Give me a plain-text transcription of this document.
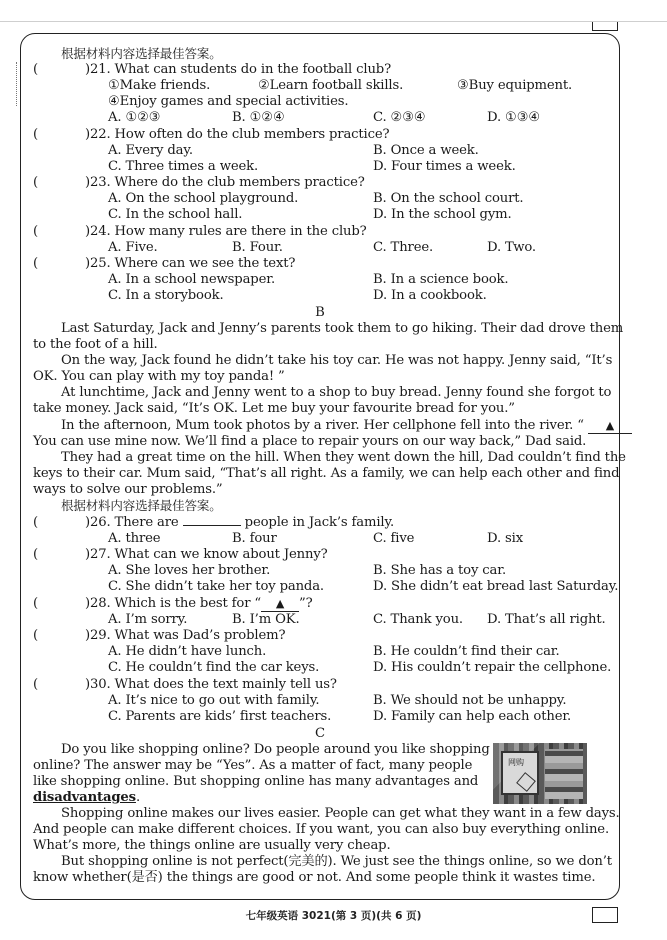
根据材料内容选择最佳答案。
(	)21. What can students do in the football club?
①Make friends.	②Learn football skills.	③Buy equipment.
④Enjoy games and special activities.
A. ①②③	B. ①②④	C. ②③④	D. ①③④
(	)22. How often do the club members practice?
A. Every day.	B. Once a week.
C. Three times a week.	D. Four times a week.
(	)23. Where do the club members practice?
A. On the school playground.	B. On the school court.
C. In the school hall.	D. In the school gym.
(	)24. How many rules are there in the club?
A. Five.	B. Four.	C. Three.	D. Two.
(	)25. Where can we see the text?
A. In a school newspaper.	B. In a science book.
C. In a storybook.	D. In a cookbook.
B
Last Saturday, Jack and Jenny’s parents took them to go hiking. Their dad drove them
to the foot of a hill.
On the way, Jack found he didn’t take his toy car. He was not happy. Jenny said, “It’s
OK. You can play with my toy panda! ”
At lunchtime, Jack and Jenny went to a shop to buy bread. Jenny found she forgot to
take money. Jack said, “It’s OK. Let me buy your favourite bread for you.”
In the afternoon, Mum took photos by a river. Her cellphone fell into the river. “ ▲
You can use mine now. We’ll find a place to repair yours on our way back,” Dad said.
They had a great time on the hill. When they went down the hill, Dad couldn’t find the
keys to their car. Mum said, “That’s all right. As a family, we can help each other and find
ways to solve our problems.”
根据材料内容选择最佳答案。
(	)26. There are	people in Jack’s family.
A. three	B. four	C. five	D. six
(	)27. What can we know about Jenny?
A. She loves her brother.	B. She has a toy car.
C. She didn’t take her toy panda.	D. She didn’t eat bread last Saturday.
(	)28. Which is the best for “ ▲ ”?
A. I’m sorry.	B. I’m OK.	C. Thank you. D. That’s all right.
(	)29. What was Dad’s problem?
A. He didn’t have lunch.	B. He couldn’t find their car.
C. He couldn’t find the car keys.	D. His couldn’t repair the cellphone.
(	)30. What does the text mainly tell us?
A. It’s nice to go out with family.	B. We should not be unhappy.
C. Parents are kids’ first teachers.	D. Family can help each other.
C
Do you like shopping online? Do people around you like shopping
online? The answer may be “Yes”. As a matter of fact, many people
like shopping online. But shopping online has many advantages and
disadvantages.
Shopping online makes our lives easier. People can get what they want in a few days.
And people can make different choices. If you want, you can also buy everything online.
What’s more, the things online are usually very cheap.
But shopping online is not perfect(完美的). We just see the things online, so we don’t
know whether(是否) the things are good or not. And some people think it wastes time.
网购
七年级英语 3021(第 3 页)(共 6 页)
